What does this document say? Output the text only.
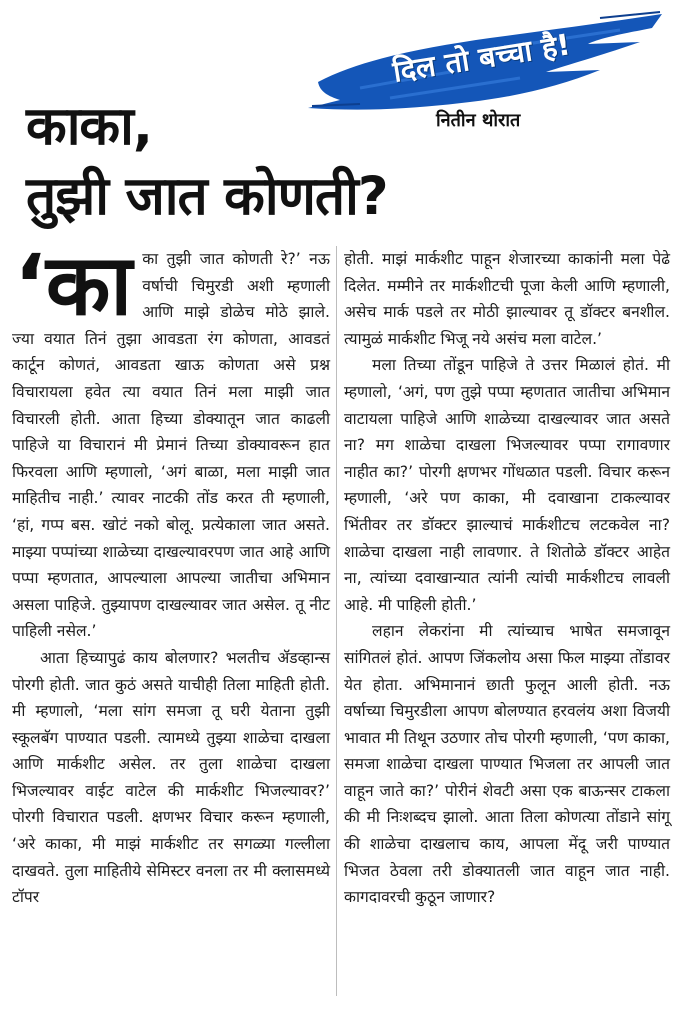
दिल तो बच्चा है!
नितीन थोरात
काका,
तुझी जात कोणती?
‘का का तुझी जात कोणती रे?’ नऊ वर्षाची चिमुरडी अशी म्हणाली आणि माझे डोळेच मोठे झाले. ज्या वयात तिनं तुझा आवडता रंग कोणता, आवडतं कार्टून कोणतं, आवडता खाऊ कोणता असे प्रश्न विचारायला हवेत त्या वयात तिनं मला माझी जात विचारली होती. आता हिच्या डोक्यातून जात काढली पाहिजे या विचारानं मी प्रेमानं तिच्या डोक्यावरून हात फिरवला आणि म्हणालो, ‘अगं बाळा, मला माझी जात माहितीच नाही.’ त्यावर नाटकी तोंड करत ती म्हणाली, ‘हां, गप्प बस. खोटं नको बोलू. प्रत्येकाला जात असते. माझ्या पप्पांच्या शाळेच्या दाखल्यावरपण जात आहे आणि पप्पा म्हणतात, आपल्याला आपल्या जातीचा अभिमान असला पाहिजे. तुझ्यापण दाखल्यावर जात असेल. तू नीट पाहिली नसेल.’

आता हिच्यापुढं काय बोलणार? भलतीच ॲडव्हान्स पोरगी होती. जात कुठं असते याचीही तिला माहिती होती. मी म्हणालो, ‘मला सांग समजा तू घरी येताना तुझी स्कूलबॅग पाण्यात पडली. त्यामध्ये तुझ्या शाळेचा दाखला आणि मार्कशीट असेल. तर तुला शाळेचा दाखला भिजल्यावर वाईट वाटेल की मार्कशीट भिजल्यावर?’ पोरगी विचारात पडली. क्षणभर विचार करून म्हणाली, ‘अरे काका, मी माझं मार्कशीट तर सगळ्या गल्लीला दाखवते. तुला माहितीये सेमिस्टर वनला तर मी क्लासमध्ये टॉपर

होती. माझं मार्कशीट पाहून शेजारच्या काकांनी मला पेढे दिलेत. मम्मीने तर मार्कशीटची पूजा केली आणि म्हणाली, असेच मार्क पडले तर मोठी झाल्यावर तू डॉक्टर बनशील. त्यामुळं मार्कशीट भिजू नये असंच मला वाटेल.’

मला तिच्या तोंडून पाहिजे ते उत्तर मिळालं होतं. मी म्हणालो, ‘अगं, पण तुझे पप्पा म्हणतात जातीचा अभिमान वाटायला पाहिजे आणि शाळेच्या दाखल्यावर जात असते ना? मग शाळेचा दाखला भिजल्यावर पप्पा रागावणार नाहीत का?’ पोरगी क्षणभर गोंधळात पडली. विचार करून म्हणाली, ‘अरे पण काका, मी दवाखाना टाकल्यावर भिंतीवर तर डॉक्टर झाल्याचं मार्कशीटच लटकवेल ना? शाळेचा दाखला नाही लावणार. ते शितोळे डॉक्टर आहेत ना, त्यांच्या दवाखान्यात त्यांनी त्यांची मार्कशीटच लावली आहे. मी पाहिली होती.’

लहान लेकरांना मी त्यांच्याच भाषेत समजावून सांगितलं होतं. आपण जिंकलोय असा फिल माझ्या तोंडावर येत होता. अभिमानानं छाती फुलून आली होती. नऊ वर्षाच्या चिमुरडीला आपण बोलण्यात हरवलंय अशा विजयी भावात मी तिथून उठणार तोच पोरगी म्हणाली, ‘पण काका, समजा शाळेचा दाखला पाण्यात भिजला तर आपली जात वाहून जाते का?’ पोरीनं शेवटी असा एक बाऊन्सर टाकला की मी निःशब्दच झालो. आता तिला कोणत्या तोंडाने सांगू की शाळेचा दाखलाच काय, आपला मेंदू जरी पाण्यात भिजत ठेवला तरी डोक्यातली जात वाहून जात नाही. कागदावरची कुठून जाणार?
